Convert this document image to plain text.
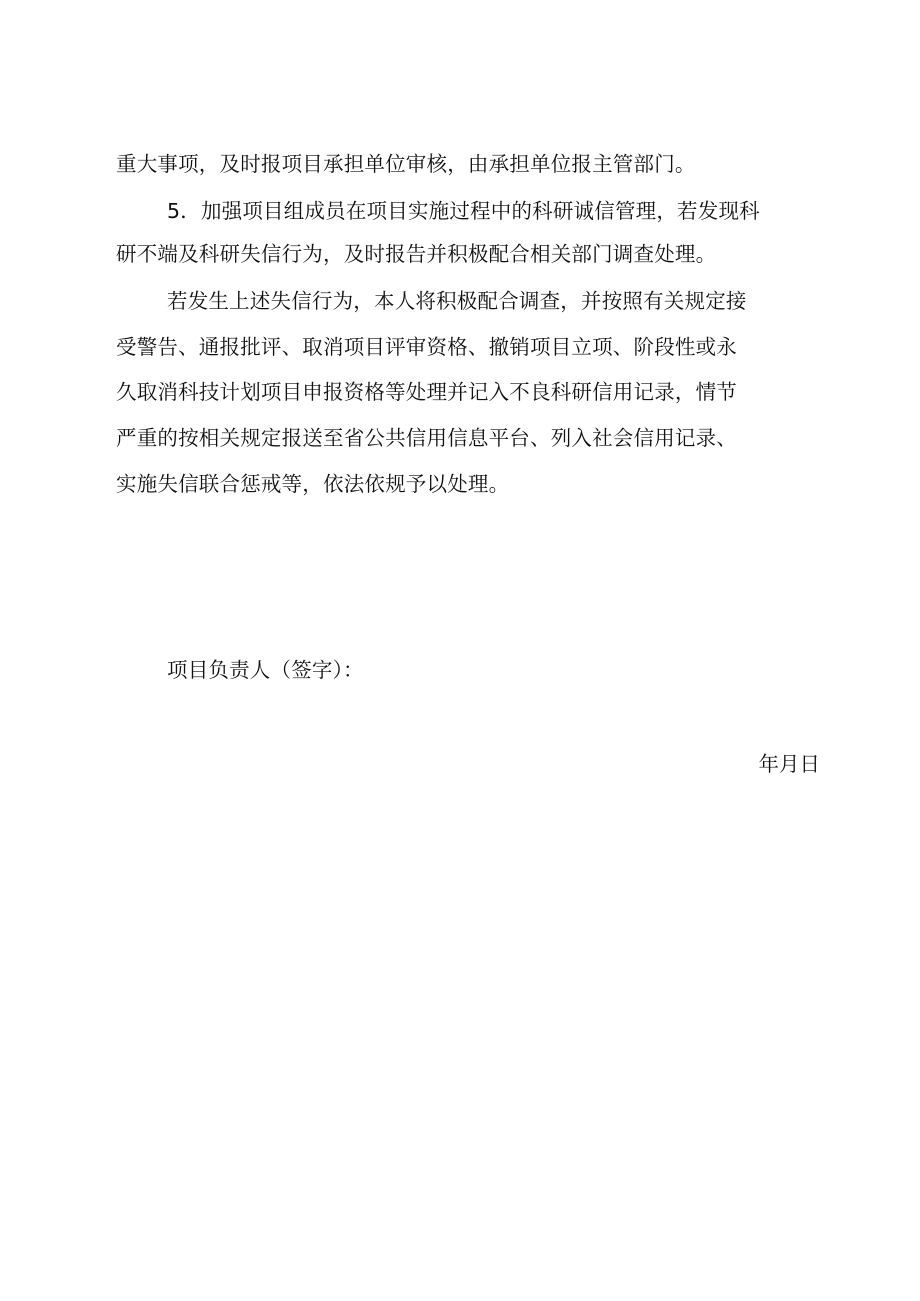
重大事项，及时报项目承担单位审核，由承担单位报主管部门。
5．加强项目组成员在项目实施过程中的科研诚信管理，若发现科
研不端及科研失信行为，及时报告并积极配合相关部门调查处理。
若发生上述失信行为，本人将积极配合调查，并按照有关规定接
受警告、通报批评、取消项目评审资格、撤销项目立项、阶段性或永
久取消科技计划项目申报资格等处理并记入不良科研信用记录，情节
严重的按相关规定报送至省公共信用信息平台、列入社会信用记录、
实施失信联合惩戒等，依法依规予以处理。
项目负责人（签字）：
年月日
